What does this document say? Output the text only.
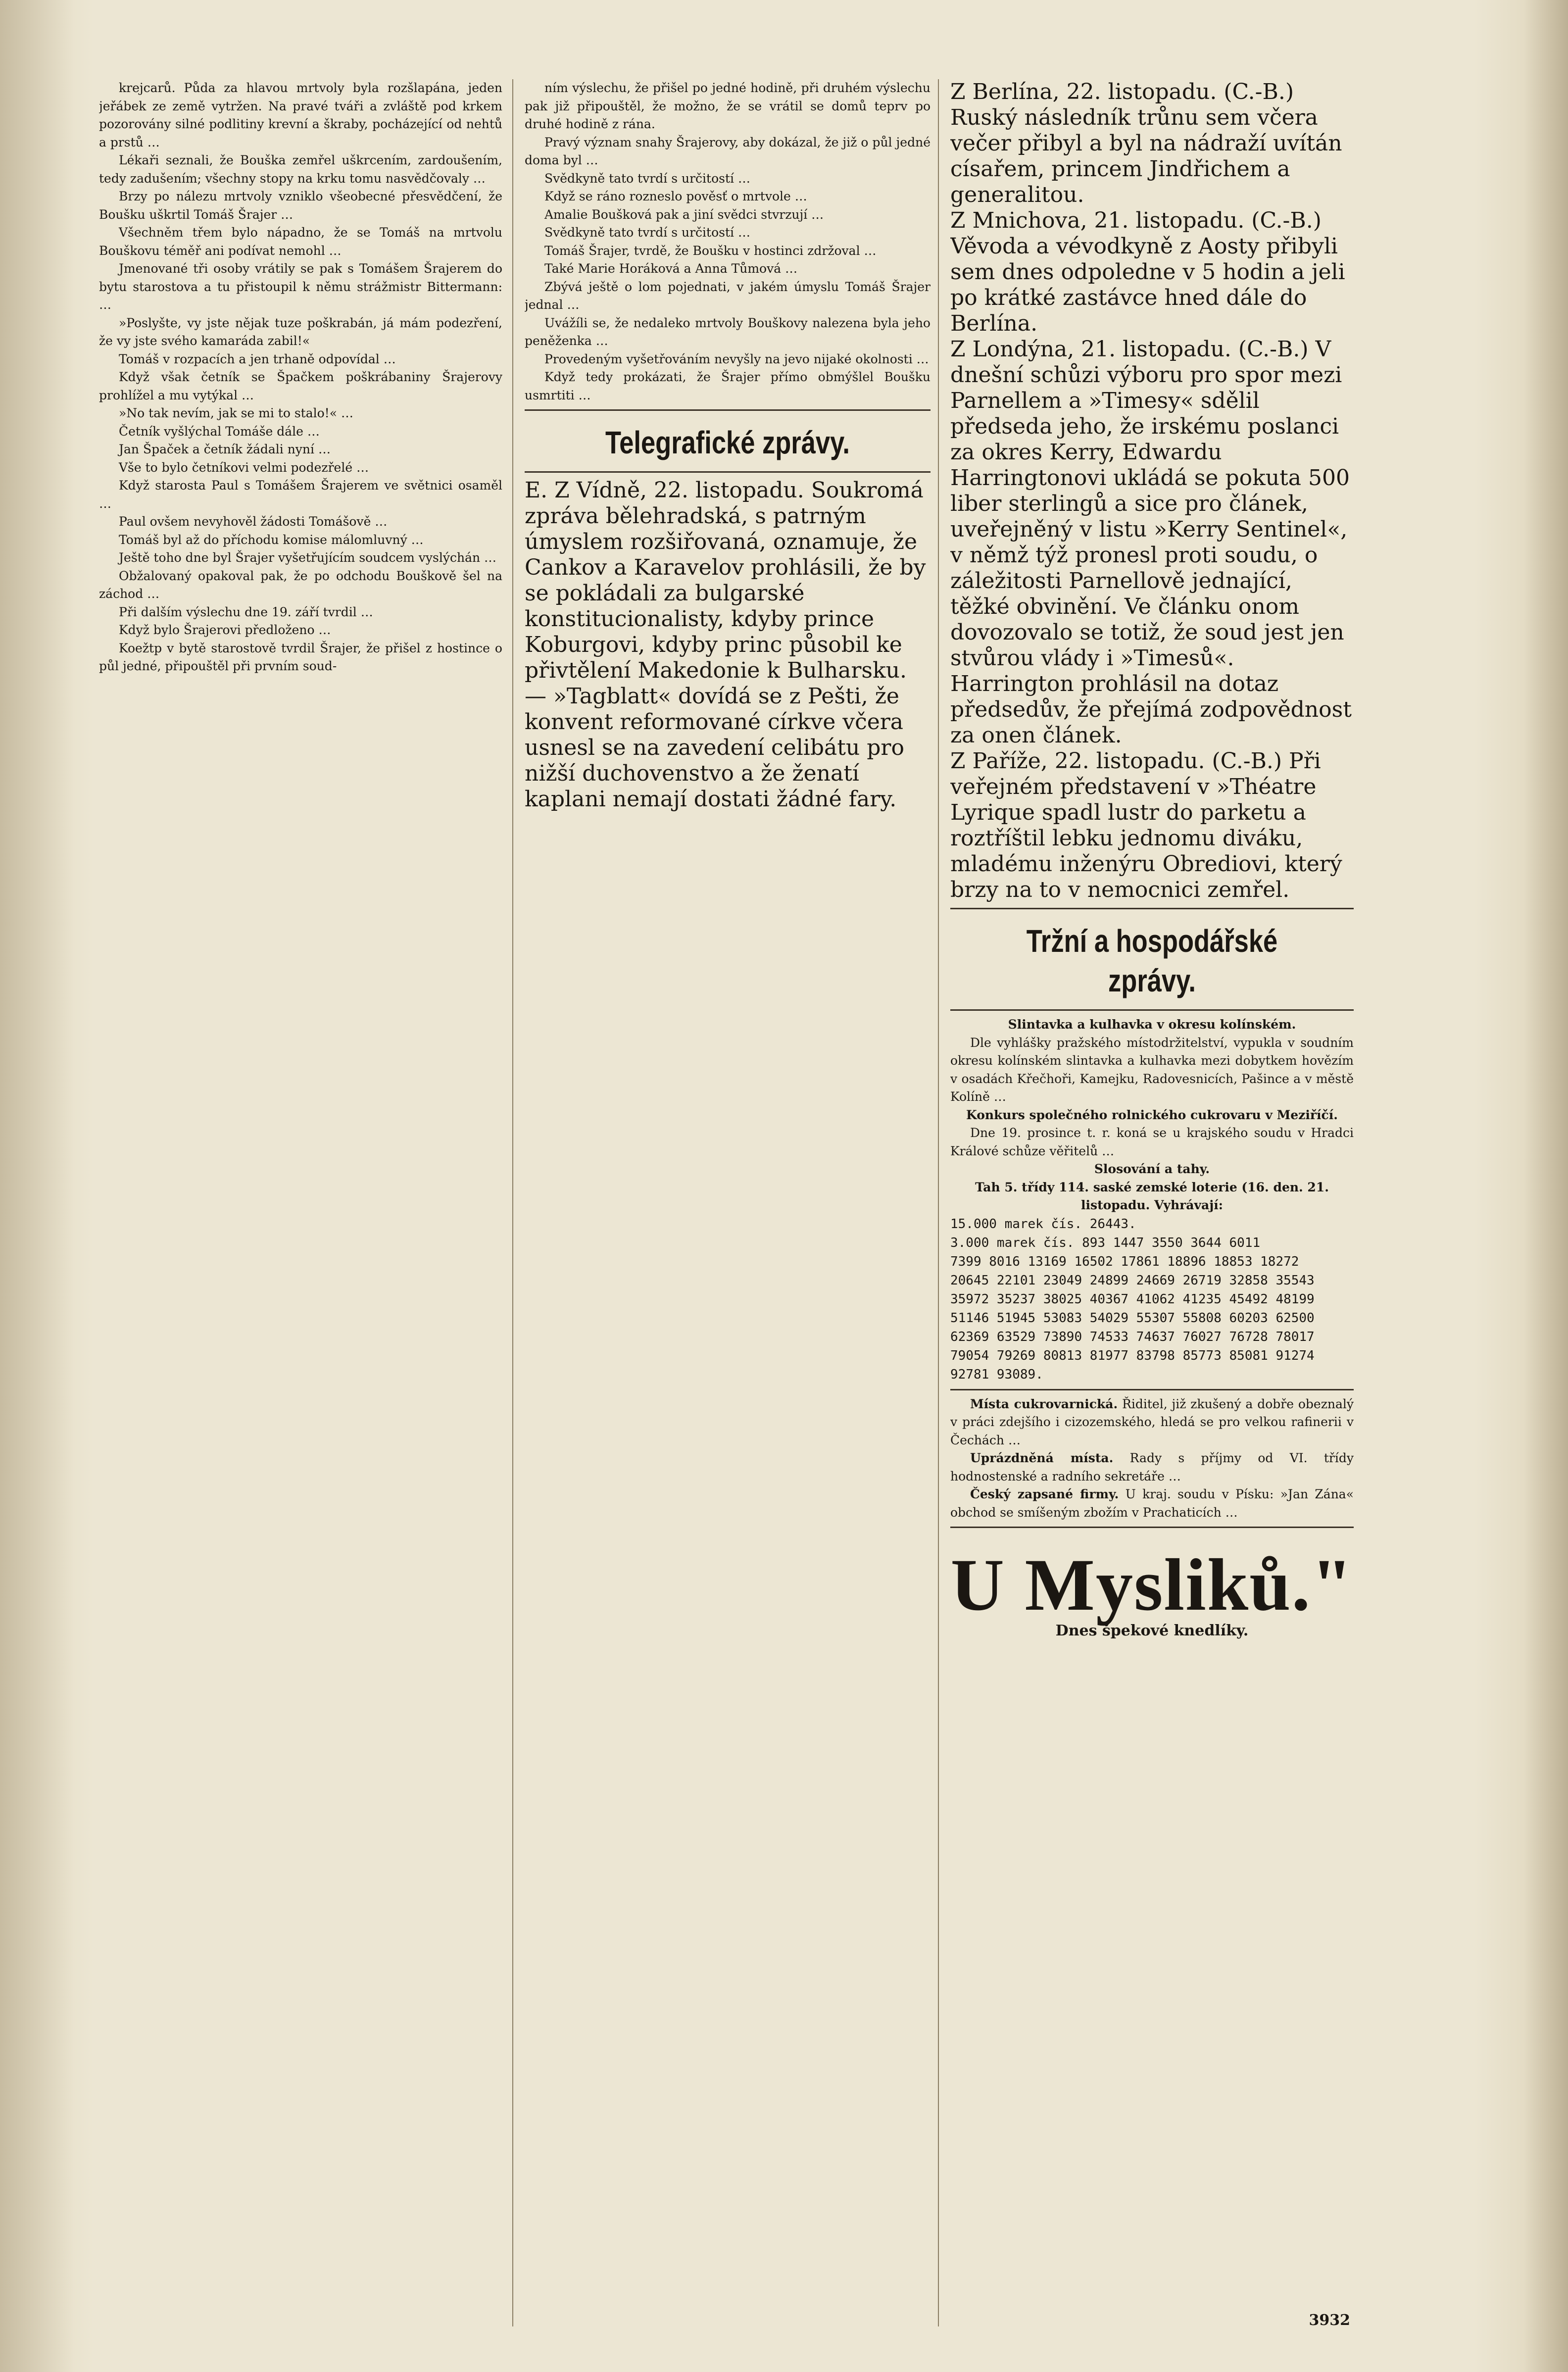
krejcarů. Půda za hlavou mrtvoly byla rozšlapána, jeden jeřábek ze země vytržen. Na pravé tváři a zvláště pod krkem pozorovány silné podlitiny krevní a škraby, pocházející od nehtů a prstů …

Lékaři seznali, že Bouška zemřel uškrcením, zardoušením, tedy zadušením; všechny stopy na krku tomu nasvědčovaly …

Brzy po nálezu mrtvoly vzniklo všeobecné přesvědčení, že Boušku uškrtil Tomáš Šrajer …

Všechněm třem bylo nápadno, že se Tomáš na mrtvolu Bouškovu téměř ani podívat nemohl …

Jmenované tři osoby vrátily se pak s Tomášem Šrajerem do bytu starostova a tu přistoupil k němu strážmistr Bittermann: …

»Poslyšte, vy jste nějak tuze poškrabán, já mám podezření, že vy jste svého kamaráda zabil!«

Tomáš v rozpacích a jen trhaně odpovídal …

Když však četník se Špačkem poškrábaniny Šrajerovy prohlížel a mu vytýkal …

»No tak nevím, jak se mi to stalo!« …

Četník vyšlýchal Tomáše dále …

Jan Špaček a četník žádali nyní …

Vše to bylo četníkovi velmi podezřelé …

Když starosta Paul s Tomášem Šrajerem ve světnici osaměl …

Paul ovšem nevyhověl žádosti Tomášově …

Tomáš byl až do příchodu komise málomluvný …

Ještě toho dne byl Šrajer vyšetřujícím soudcem vyslýchán …

Obžalovaný opakoval pak, že po odchodu Bouškově šel na záchod …

Při dalším výslechu dne 19. září tvrdil …

Když bylo Šrajerovi předloženo …

Koežtp v bytě starostově tvrdil Šrajer, že přišel z hostince o půl jedné, připouštěl při prvním soud-

ním výslechu, že přišel po jedné hodině, při druhém výslechu pak již připouštěl, že možno, že se vrátil se domů teprv po druhé hodině z rána.

Pravý význam snahy Šrajerovy, aby dokázal, že již o půl jedné doma byl …

Svědkyně tato tvrdí s určitostí …

Když se ráno rozneslo pověsť o mrtvole …

Amalie Boušková pak a jiní svědci stvrzují …

Svědkyně tato tvrdí s určitostí …

Tomáš Šrajer, tvrdě, že Boušku v hostinci zdržoval …

Také Marie Horáková a Anna Tůmová …

Zbývá ještě o lom pojednati, v jakém úmyslu Tomáš Šrajer jednal …

Uvážíli se, že nedaleko mrtvoly Bouškovy nalezena byla jeho peněženka …

Provedeným vyšetřováním nevyšly na jevo nijaké okolnosti …

Když tedy prokázati, že Šrajer přímo obmýšlel Boušku usmrtiti …

Telegrafické zprávy.

E. Z Vídně, 22. listopadu. Soukromá zpráva bělehradská, s patrným úmyslem rozšiřovaná, oznamuje, že Cankov a Karavelov prohlásili, že by se pokládali za bulgarské konstitucionalisty, kdyby prince Koburgovi, kdyby princ působil ke přivtělení Makedonie k Bulharsku.

— »Tagblatt« dovídá se z Pešti, že konvent reformované církve včera usnesl se na zavedení celibátu pro nižší duchovenstvo a že ženatí kaplani nemají dostati žádné fary.

Z Berlína, 22. listopadu. (C.-B.) Ruský následník trůnu sem včera večer přibyl a byl na nádraží uvítán císařem, princem Jindřichem a generalitou.

Z Mnichova, 21. listopadu. (C.-B.) Věvoda a vévodkyně z Aosty přibyli sem dnes odpoledne v 5 hodin a jeli po krátké zastávce hned dále do Berlína.

Z Londýna, 21. listopadu. (C.-B.) V dnešní schůzi výboru pro spor mezi Parnellem a »Timesy« sdělil předseda jeho, že irskému poslanci za okres Kerry, Edwardu Harringtonovi ukládá se pokuta 500 liber sterlingů a sice pro článek, uveřejněný v listu »Kerry Sentinel«, v němž týž pronesl proti soudu, o záležitosti Parnellově jednající, těžké obvinění. Ve článku onom dovozovalo se totiž, že soud jest jen stvůrou vlády i »Timesů«. Harrington prohlásil na dotaz předsedův, že přejímá zodpovědnost za onen článek.

Z Paříže, 22. listopadu. (C.-B.) Při veřejném představení v »Théatre Lyrique spadl lustr do parketu a roztříštil lebku jednomu diváku, mladému inženýru Obrediovi, který brzy na to v nemocnici zemřel.

Tržní a hospodářské zprávy.

Slintavka a kulhavka v okresu kolínském.

Dle vyhlášky pražského místodržitelství, vypukla v soudním okresu kolínském slintavka a kulhavka mezi dobytkem hovězím v osadách Křečhoři, Kamejku, Radovesnicích, Pašince a v městě Kolíně …

Konkurs společného rolnického cukrovaru v Meziříčí.

Dne 19. prosince t. r. koná se u krajského soudu v Hradci Králové schůze věřitelů …

Slosování a tahy.

Tah 5. třídy 114. saské zemské loterie (16. den. 21. listopadu. Vyhrávají:

15.000 marek čís. 26443.

3.000 marek čís. 893 1447 3550 3644 6011

7399 8016 13169 16502 17861 18896 18853 18272

20645 22101 23049 24899 24669 26719 32858 35543

35972 35237 38025 40367 41062 41235 45492 48199

51146 51945 53083 54029 55307 55808 60203 62500

62369 63529 73890 74533 74637 76027 76728 78017

79054 79269 80813 81977 83798 85773 85081 91274

92781 93089.

Místa cukrovarnická. Řiditel, již zkušený a dobře obeznalý v práci zdejšího i cizozemského, hledá se pro velkou rafinerii v Čechách …

Uprázdněná místa. Rady s příjmy od VI. třídy hodnostenské a radního sekretáře …

Český zapsané firmy. U kraj. soudu v Písku: »Jan Zána« obchod se smíšeným zbožím v Prachaticích …

U Mysliků."
Dnes špekové knedlíky.
3932
